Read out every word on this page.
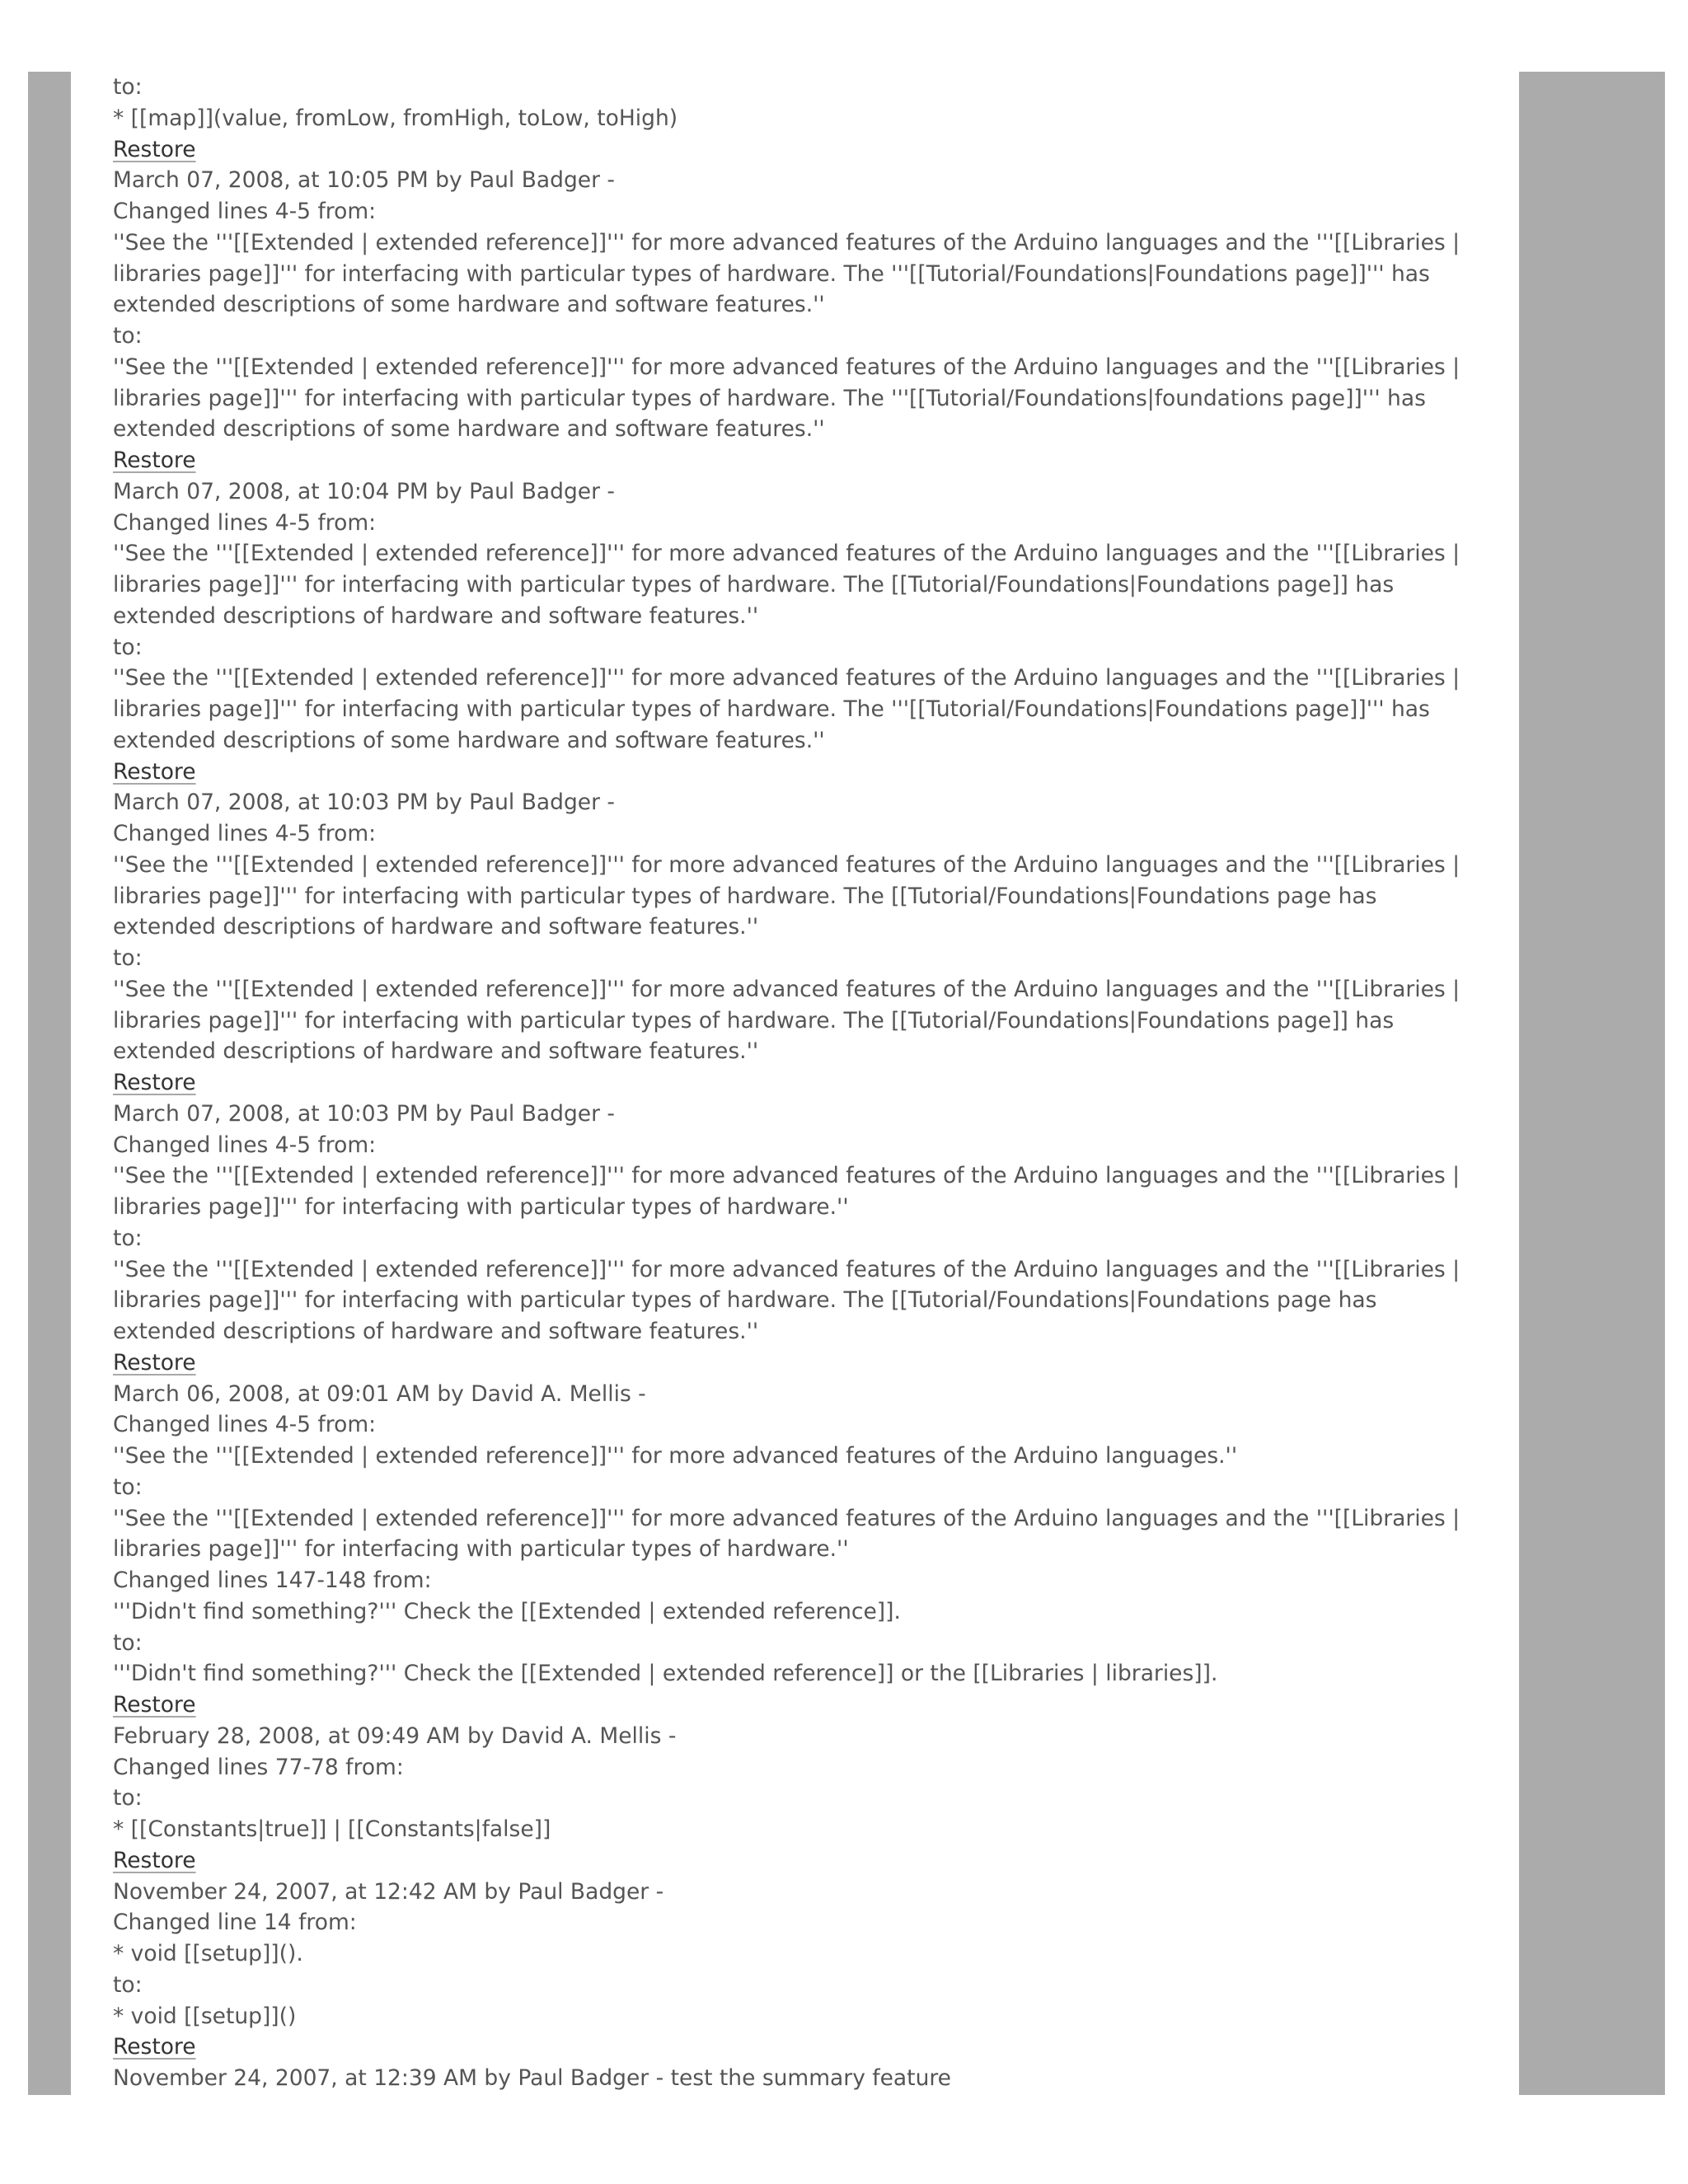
to:
* [[map]](value, fromLow, fromHigh, toLow, toHigh)
Restore
March 07, 2008, at 10:05 PM by Paul Badger -
Changed lines 4-5 from:
''See the '''[[Extended | extended reference]]''' for more advanced features of the Arduino languages and the '''[[Libraries | libraries page]]''' for interfacing with particular types of hardware. The '''[[Tutorial/Foundations|Foundations page]]''' has extended descriptions of some hardware and software features.''
to:
''See the '''[[Extended | extended reference]]''' for more advanced features of the Arduino languages and the '''[[Libraries | libraries page]]''' for interfacing with particular types of hardware. The '''[[Tutorial/Foundations|foundations page]]''' has extended descriptions of some hardware and software features.''
Restore
March 07, 2008, at 10:04 PM by Paul Badger -
Changed lines 4-5 from:
''See the '''[[Extended | extended reference]]''' for more advanced features of the Arduino languages and the '''[[Libraries | libraries page]]''' for interfacing with particular types of hardware. The [[Tutorial/Foundations|Foundations page]] has extended descriptions of hardware and software features.''
to:
''See the '''[[Extended | extended reference]]''' for more advanced features of the Arduino languages and the '''[[Libraries | libraries page]]''' for interfacing with particular types of hardware. The '''[[Tutorial/Foundations|Foundations page]]''' has extended descriptions of some hardware and software features.''
Restore
March 07, 2008, at 10:03 PM by Paul Badger -
Changed lines 4-5 from:
''See the '''[[Extended | extended reference]]''' for more advanced features of the Arduino languages and the '''[[Libraries | libraries page]]''' for interfacing with particular types of hardware. The [[Tutorial/Foundations|Foundations page has extended descriptions of hardware and software features.''
to:
''See the '''[[Extended | extended reference]]''' for more advanced features of the Arduino languages and the '''[[Libraries | libraries page]]''' for interfacing with particular types of hardware. The [[Tutorial/Foundations|Foundations page]] has extended descriptions of hardware and software features.''
Restore
March 07, 2008, at 10:03 PM by Paul Badger -
Changed lines 4-5 from:
''See the '''[[Extended | extended reference]]''' for more advanced features of the Arduino languages and the '''[[Libraries | libraries page]]''' for interfacing with particular types of hardware.''
to:
''See the '''[[Extended | extended reference]]''' for more advanced features of the Arduino languages and the '''[[Libraries | libraries page]]''' for interfacing with particular types of hardware. The [[Tutorial/Foundations|Foundations page has extended descriptions of hardware and software features.''
Restore
March 06, 2008, at 09:01 AM by David A. Mellis -
Changed lines 4-5 from:
''See the '''[[Extended | extended reference]]''' for more advanced features of the Arduino languages.''
to:
''See the '''[[Extended | extended reference]]''' for more advanced features of the Arduino languages and the '''[[Libraries | libraries page]]''' for interfacing with particular types of hardware.''
Changed lines 147-148 from:
'''Didn't find something?''' Check the [[Extended | extended reference]].
to:
'''Didn't find something?''' Check the [[Extended | extended reference]] or the [[Libraries | libraries]].
Restore
February 28, 2008, at 09:49 AM by David A. Mellis -
Changed lines 77-78 from:
to:
* [[Constants|true]] | [[Constants|false]]
Restore
November 24, 2007, at 12:42 AM by Paul Badger -
Changed line 14 from:
* void [[setup]]().
to:
* void [[setup]]()
Restore
November 24, 2007, at 12:39 AM by Paul Badger - test the summary feature
